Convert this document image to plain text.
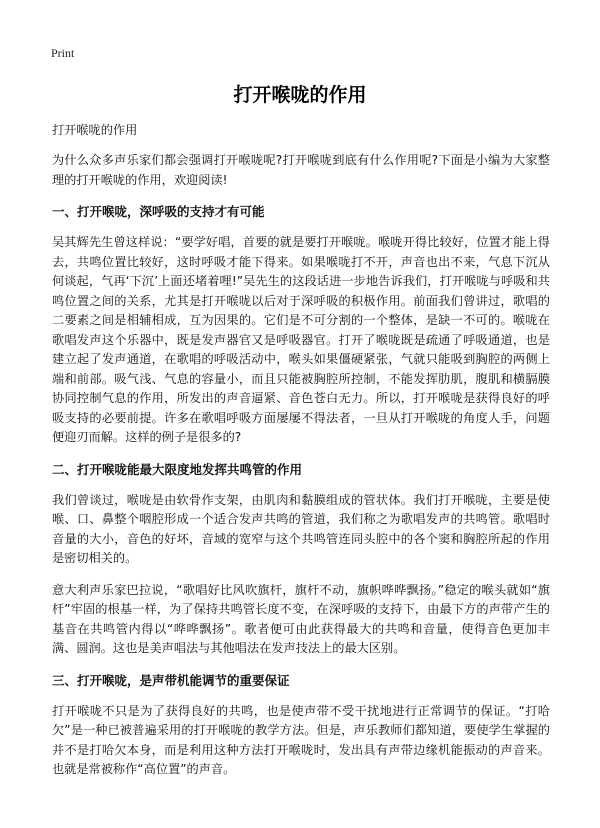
Print
打开喉咙的作用
打开喉咙的作用

为什么众多声乐家们都会强调打开喉咙呢?打开喉咙到底有什么作用呢?下面是小编为大家整理的打开喉咙的作用，欢迎阅读!

一、打开喉咙，深呼吸的支持才有可能

吴其辉先生曾这样说：“要学好唱，首要的就是要打开喉咙。喉咙开得比较好，位置才能上得去，共鸣位置比较好，这时呼吸才能下得来。如果喉咙打不开，声音也出不来，气息下沉从何谈起，气再‘下沉’上面还堵着哩!”吴先生的这段话进一步地告诉我们，打开喉咙与呼吸和共鸣位置之间的关系，尤其是打开喉咙以后对于深呼吸的积极作用。前面我们曾讲过，歌唱的二要素之间是相辅相成，互为因果的。它们是不可分割的一个整体，是缺一不可的。喉咙在歌唱发声这个乐器中，既是发声器官又是呼吸器官。打开了喉咙既是疏通了呼吸通道，也是建立起了发声通道，在歌唱的呼吸活动中，喉头如果僵硬紧张，气就只能吸到胸腔的两侧上端和前部。吸气浅、气息的容量小，而且只能被胸腔所控制，不能发挥肋肌，腹肌和横膈膜协同控制气息的作用，所发出的声音逼紧、音色苍白无力。所以，打开喉咙是获得良好的呼吸支持的必要前提。许多在歌唱呼吸方面屡屡不得法者，一旦从打开喉咙的角度人手，问题便迎刃而解。这样的例子是很多的?

二、打开喉咙能最大限度地发挥共鸣管的作用

我们曾谈过，喉咙是由软骨作支架，由肌肉和黏膜组成的管状体。我们打开喉咙，主要是使喉、口、鼻整个咽腔形成一个适合发声共鸣的管道，我们称之为歌唱发声的共鸣管。歌唱时音量的大小，音色的好坏，音域的宽窄与这个共鸣管连同头腔中的各个窦和胸腔所起的作用是密切相关的。

意大利声乐家巴拉说，“歌唱好比风吹旗杆，旗杆不动，旗帜哗哗飘扬。”稳定的喉头就如“旗杆”牢固的根基一样，为了保持共鸣管长度不变，在深呼吸的支持下，由最下方的声带产生的基音在共鸣管内得以“哗哗飘扬”。歌者便可由此获得最大的共鸣和音量，使得音色更加丰满、圆润。这也是美声唱法与其他唱法在发声技法上的最大区别。

三、打开喉咙，是声带机能调节的重要保证

打开喉咙不只是为了获得良好的共鸣，也是使声带不受干扰地进行正常调节的保证。“打哈欠”是一种已被普遍采用的打开喉咙的教学方法。但是，声乐教师们都知道，要使学生掌握的并不是打哈欠本身，而是利用这种方法打开喉咙时，发出具有声带边缘机能振动的声音来。也就是常被称作“高位置”的声音。
